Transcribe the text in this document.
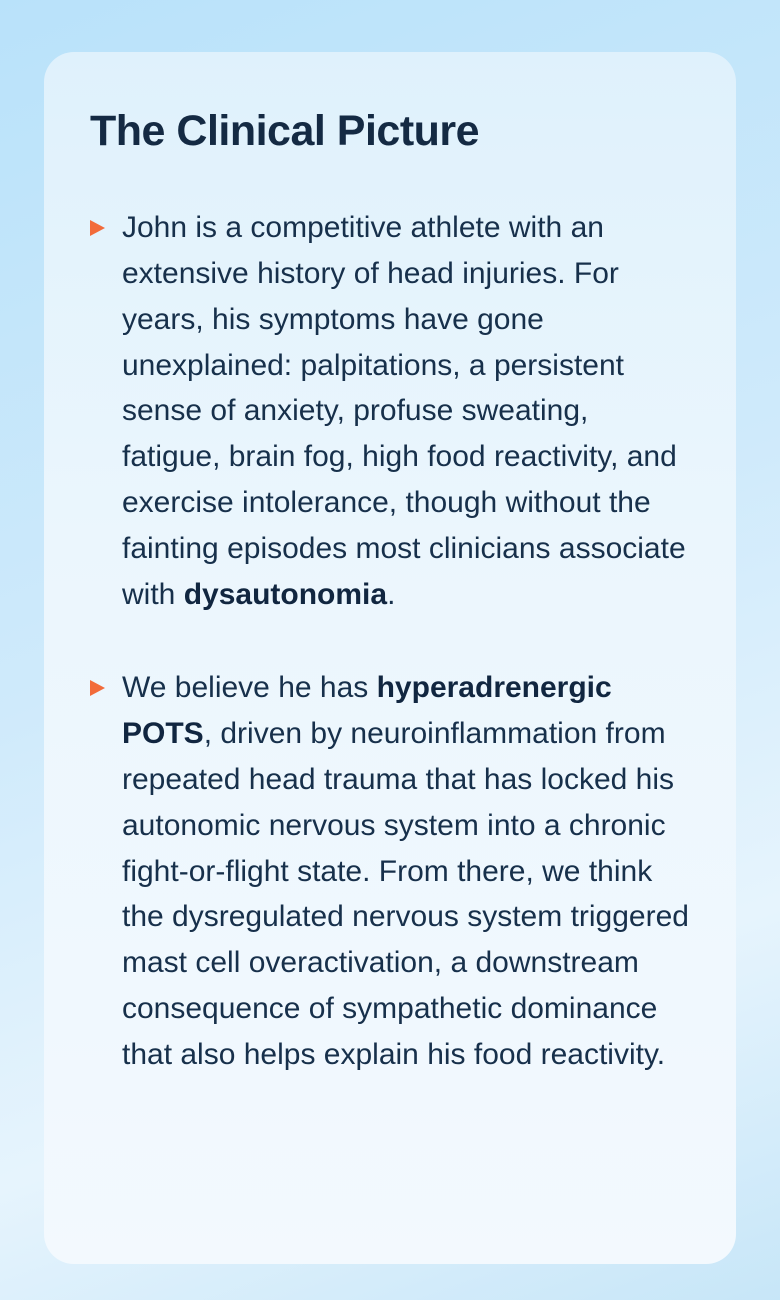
The Clinical Picture
John is a competitive athlete with an extensive history of head injuries. For years, his symptoms have gone unexplained: palpitations, a persistent sense of anxiety, profuse sweating, fatigue, brain fog, high food reactivity, and exercise intolerance, though without the fainting episodes most clinicians associate with dysautonomia.
We believe he has hyperadrenergic POTS, driven by neuroinflammation from repeated head trauma that has locked his autonomic nervous system into a chronic fight-or-flight state. From there, we think the dysregulated nervous system triggered mast cell overactivation, a downstream consequence of sympathetic dominance that also helps explain his food reactivity.
